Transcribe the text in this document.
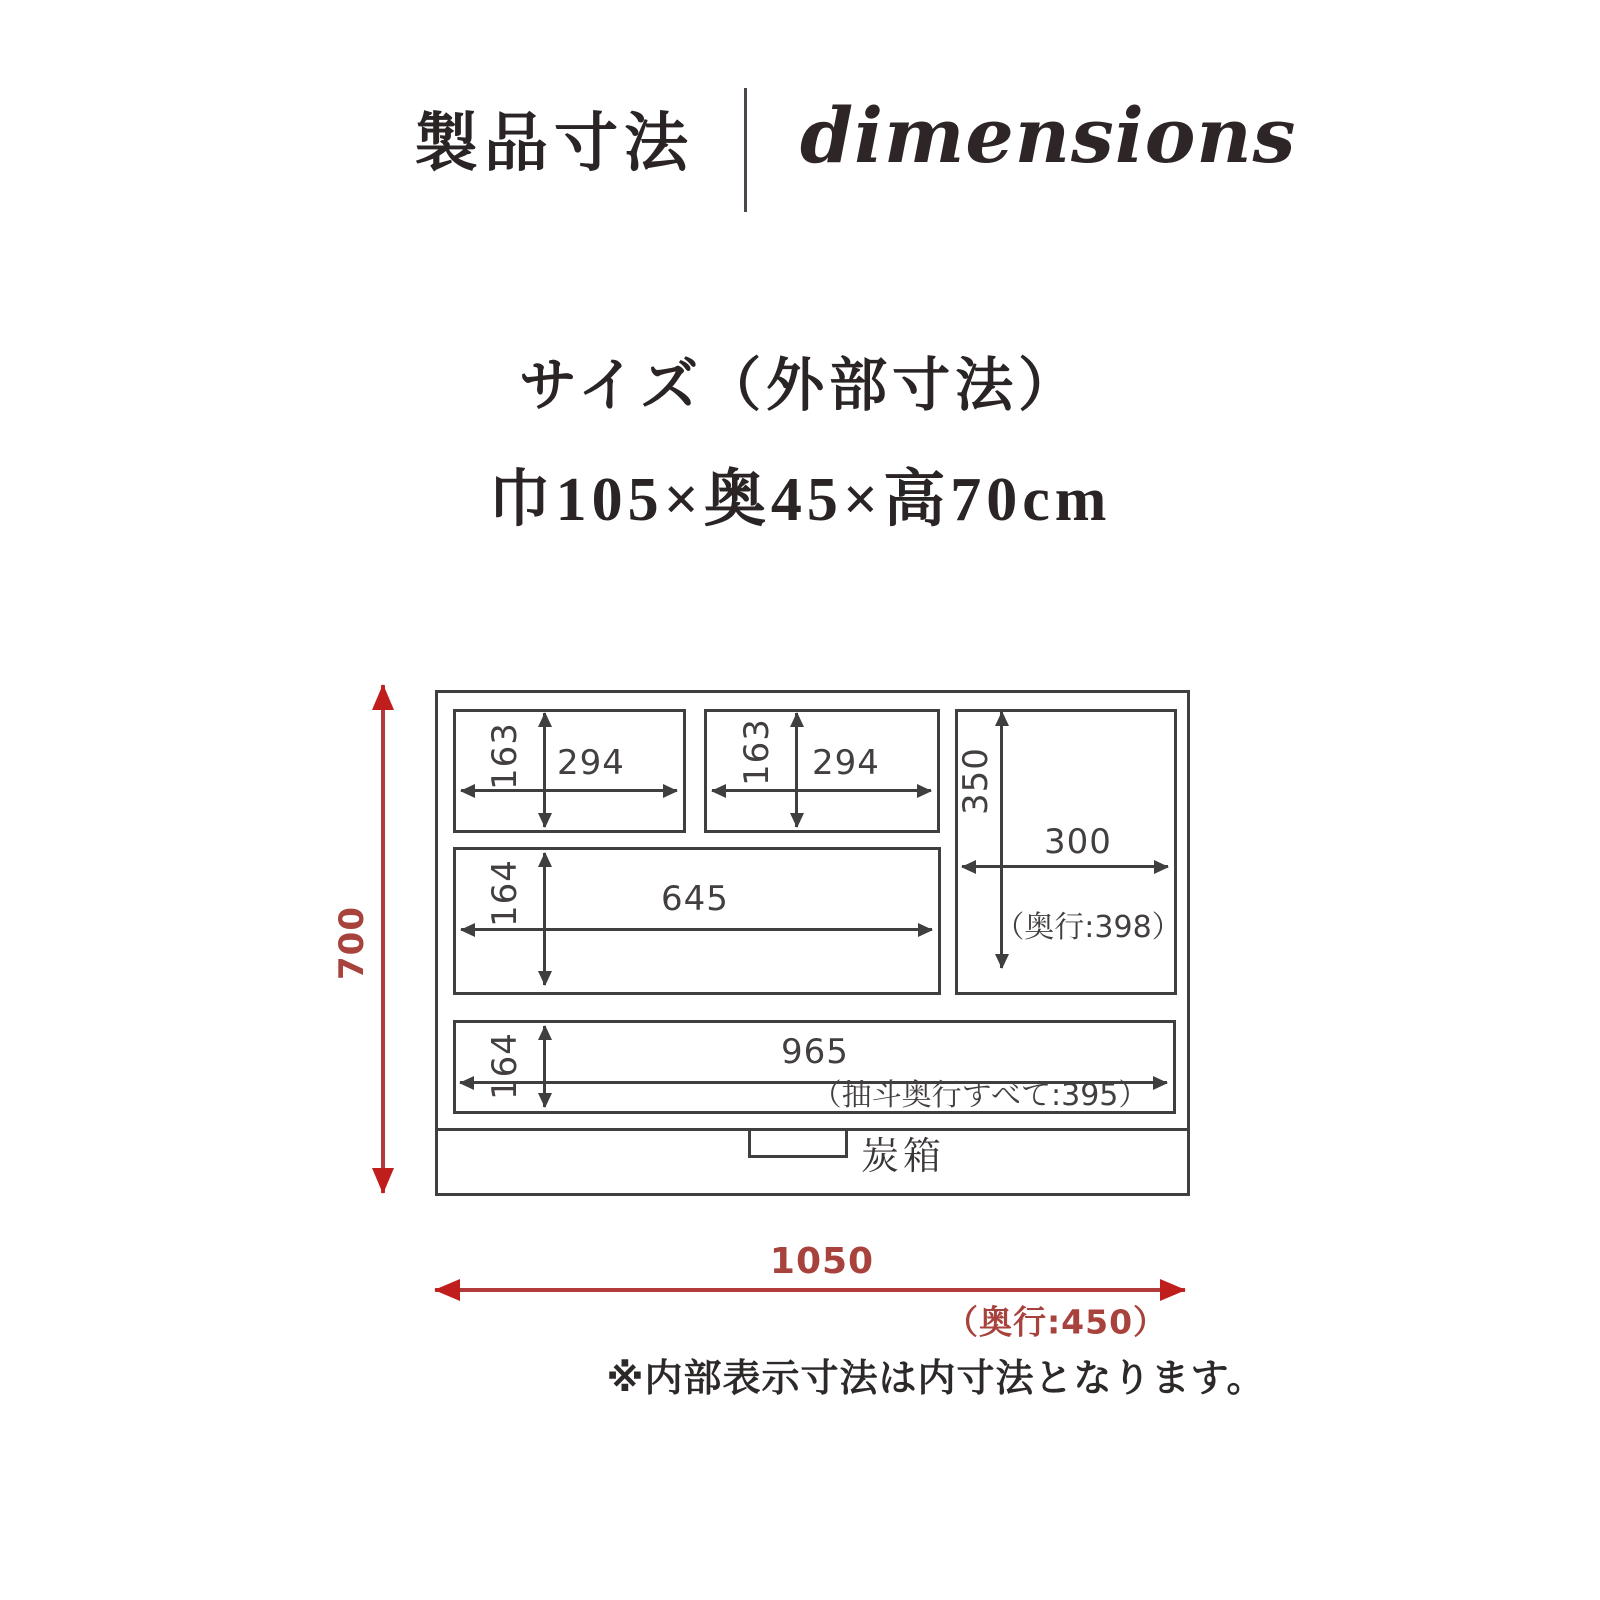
製品寸法 dimensions
サイズ（外部寸法）
巾105×奥45×高70cm
700
炭箱
163 294	163 294 350
300
（奥行:398）
164	645
164	965
（抽斗奥行すべて:395）
1050
（奥行:450）
※内部表示寸法は内寸法となります。
